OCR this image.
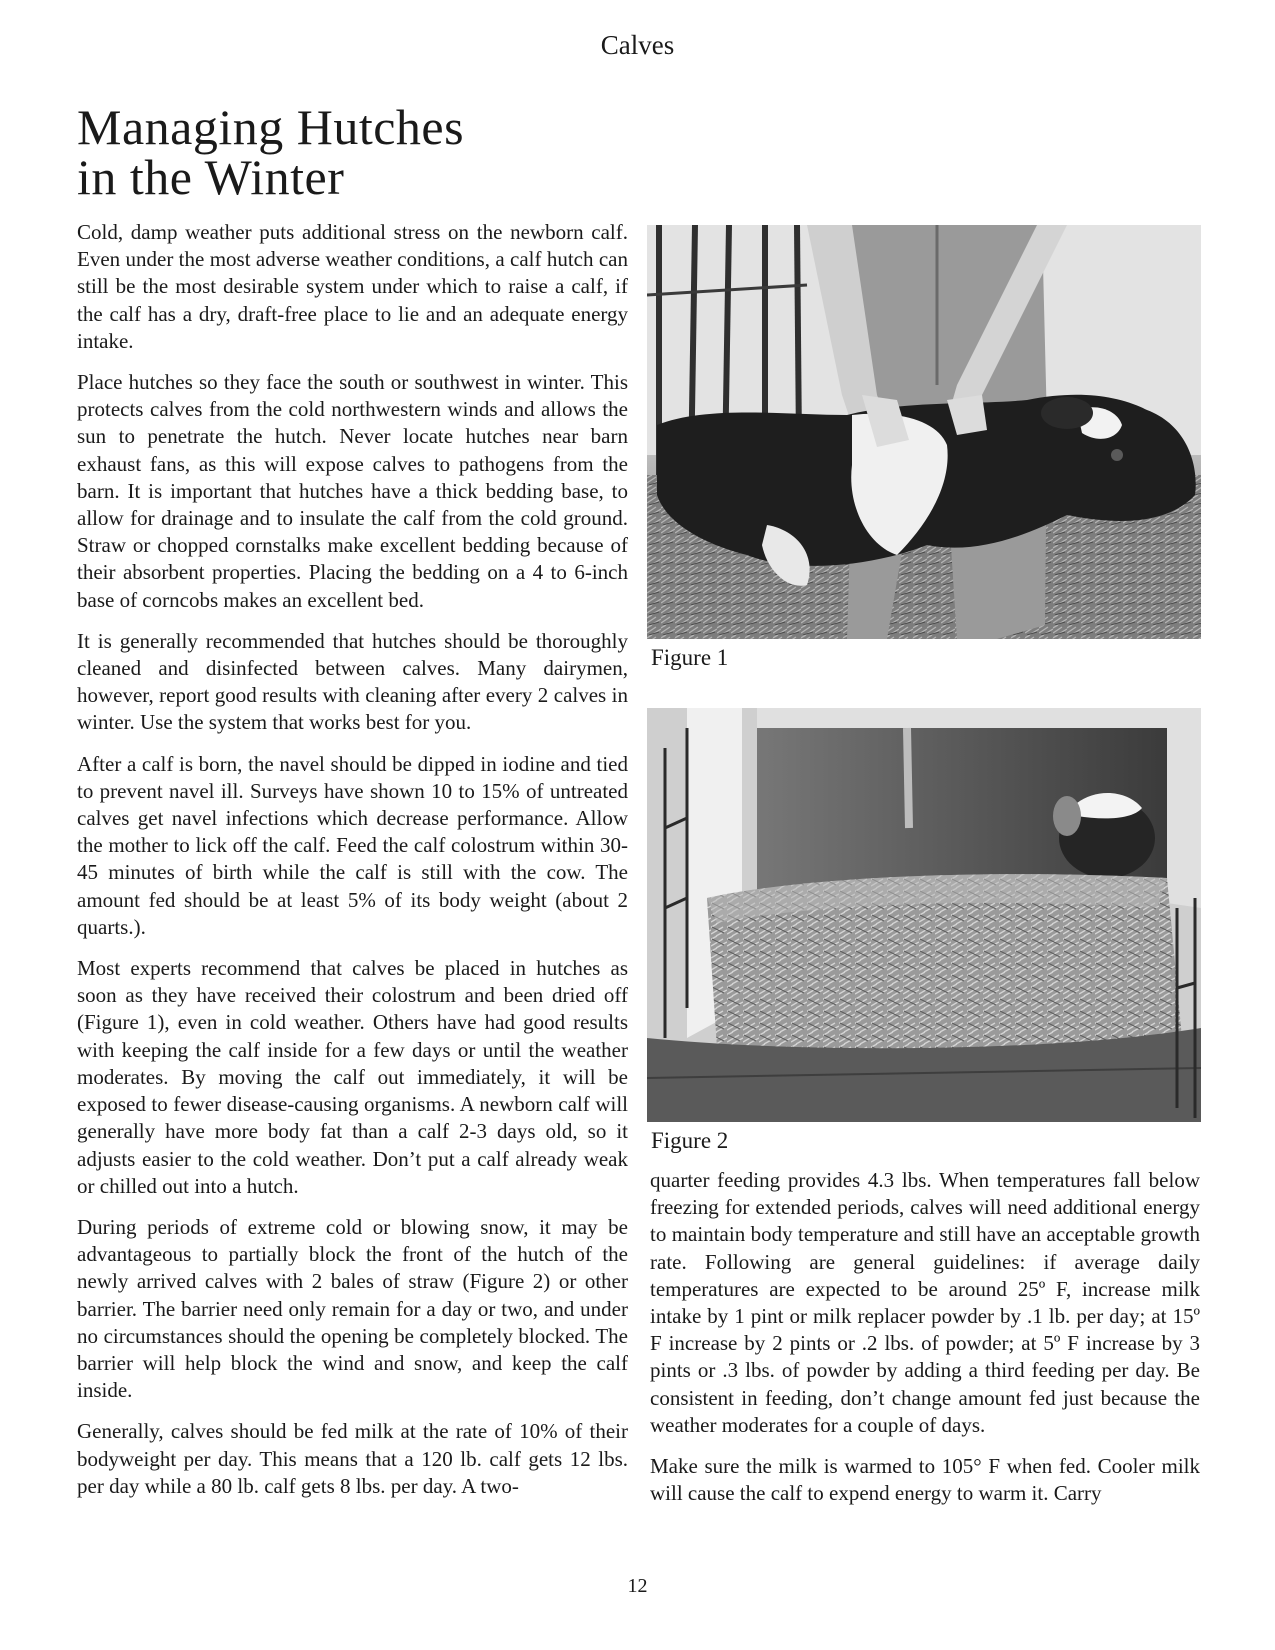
Calves
Managing Hutches
in the Winter

Cold, damp weather puts additional stress on the newborn calf. Even under the most adverse weather conditions, a calf hutch can still be the most desirable system under which to raise a calf, if the calf has a dry, draft-free place to lie and an adequate energy intake.

Place hutches so they face the south or southwest in winter. This protects calves from the cold northwestern winds and allows the sun to penetrate the hutch. Never locate hutches near barn exhaust fans, as this will expose calves to pathogens from the barn. It is important that hutches have a thick bedding base, to allow for drainage and to insulate the calf from the cold ground. Straw or chopped cornstalks make excellent bedding because of their absorbent properties. Placing the bedding on a 4 to 6-inch base of corncobs makes an excellent bed.

It is generally recommended that hutches should be thoroughly cleaned and disinfected between calves. Many dairymen, however, report good results with cleaning after every 2 calves in winter. Use the system that works best for you.

After a calf is born, the navel should be dipped in iodine and tied to prevent navel ill. Surveys have shown 10 to 15% of untreated calves get navel infections which decrease performance. Allow the mother to lick off the calf. Feed the calf colostrum within 30-45 minutes of birth while the calf is still with the cow. The amount fed should be at least 5% of its body weight (about 2 quarts.).

Most experts recommend that calves be placed in hutches as soon as they have received their colostrum and been dried off (Figure 1), even in cold weather. Others have had good results with keeping the calf inside for a few days or until the weather moderates. By moving the calf out immediately, it will be exposed to fewer disease-causing organisms. A newborn calf will generally have more body fat than a calf 2-3 days old, so it adjusts easier to the cold weather. Don’t put a calf already weak or chilled out into a hutch.

During periods of extreme cold or blowing snow, it may be advantageous to partially block the front of the hutch of the newly arrived calves with 2 bales of straw (Figure 2) or other barrier. The barrier need only remain for a day or two, and under no circumstances should the opening be completely blocked. The barrier will help block the wind and snow, and keep the calf inside.

Generally, calves should be fed milk at the rate of 10% of their bodyweight per day. This means that a 120 lb. calf gets 12 lbs. per day while a 80 lb. calf gets 8 lbs. per day. A two-

Figure 1
Figure 2

quarter feeding provides 4.3 lbs. When temperatures fall below freezing for extended periods, calves will need additional energy to maintain body temperature and still have an acceptable growth rate. Following are general guidelines: if average daily temperatures are expected to be around 25º F, increase milk intake by 1 pint or milk replacer powder by .1 lb. per day; at 15º F increase by 2 pints or .2 lbs. of powder; at 5º F increase by 3 pints or .3 lbs. of powder by adding a third feeding per day. Be consistent in feeding, don’t change amount fed just because the weather moderates for a couple of days.

Make sure the milk is warmed to 105° F when fed. Cooler milk will cause the calf to expend energy to warm it. Carry

12
